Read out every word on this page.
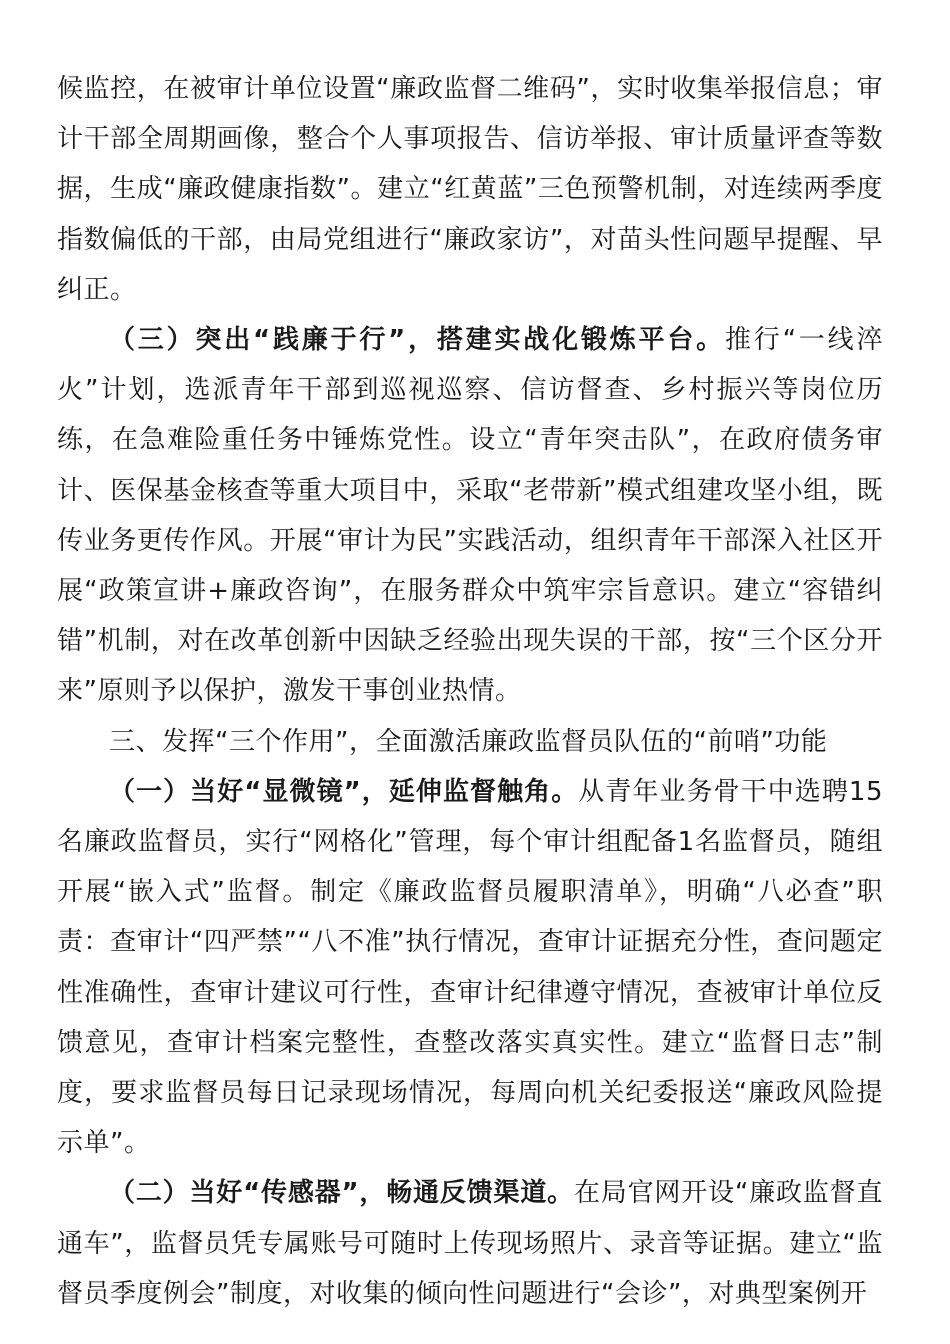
候监控，在被审计单位设置“廉政监督二维码”，实时收集举报信息；审计干部全周期画像，整合个人事项报告、信访举报、审计质量评查等数据，生成“廉政健康指数”。建立“红黄蓝”三色预警机制，对连续两季度指数偏低的干部，由局党组进行“廉政家访”，对苗头性问题早提醒、早纠正。

（三）突出“践廉于行”，搭建实战化锻炼平台。推行“一线淬火”计划，选派青年干部到巡视巡察、信访督查、乡村振兴等岗位历练，在急难险重任务中锤炼党性。设立“青年突击队”，在政府债务审计、医保基金核查等重大项目中，采取“老带新”模式组建攻坚小组，既传业务更传作风。开展“审计为民”实践活动，组织青年干部深入社区开展“政策宣讲+廉政咨询”，在服务群众中筑牢宗旨意识。建立“容错纠错”机制，对在改革创新中因缺乏经验出现失误的干部，按“三个区分开来”原则予以保护，激发干事创业热情。

三、发挥“三个作用”，全面激活廉政监督员队伍的“前哨”功能

（一）当好“显微镜”，延伸监督触角。从青年业务骨干中选聘15名廉政监督员，实行“网格化”管理，每个审计组配备1名监督员，随组开展“嵌入式”监督。制定《廉政监督员履职清单》，明确“八必查”职责：查审计“四严禁”“八不准”执行情况，查审计证据充分性，查问题定性准确性，查审计建议可行性，查审计纪律遵守情况，查被审计单位反馈意见，查审计档案完整性，查整改落实真实性。建立“监督日志”制度，要求监督员每日记录现场情况，每周向机关纪委报送“廉政风险提示单”。

（二）当好“传感器”，畅通反馈渠道。在局官网开设“廉政监督直通车”，监督员凭专属账号可随时上传现场照片、录音等证据。建立“监督员季度例会”制度，对收集的倾向性问题进行“会诊”，对典型案例开
